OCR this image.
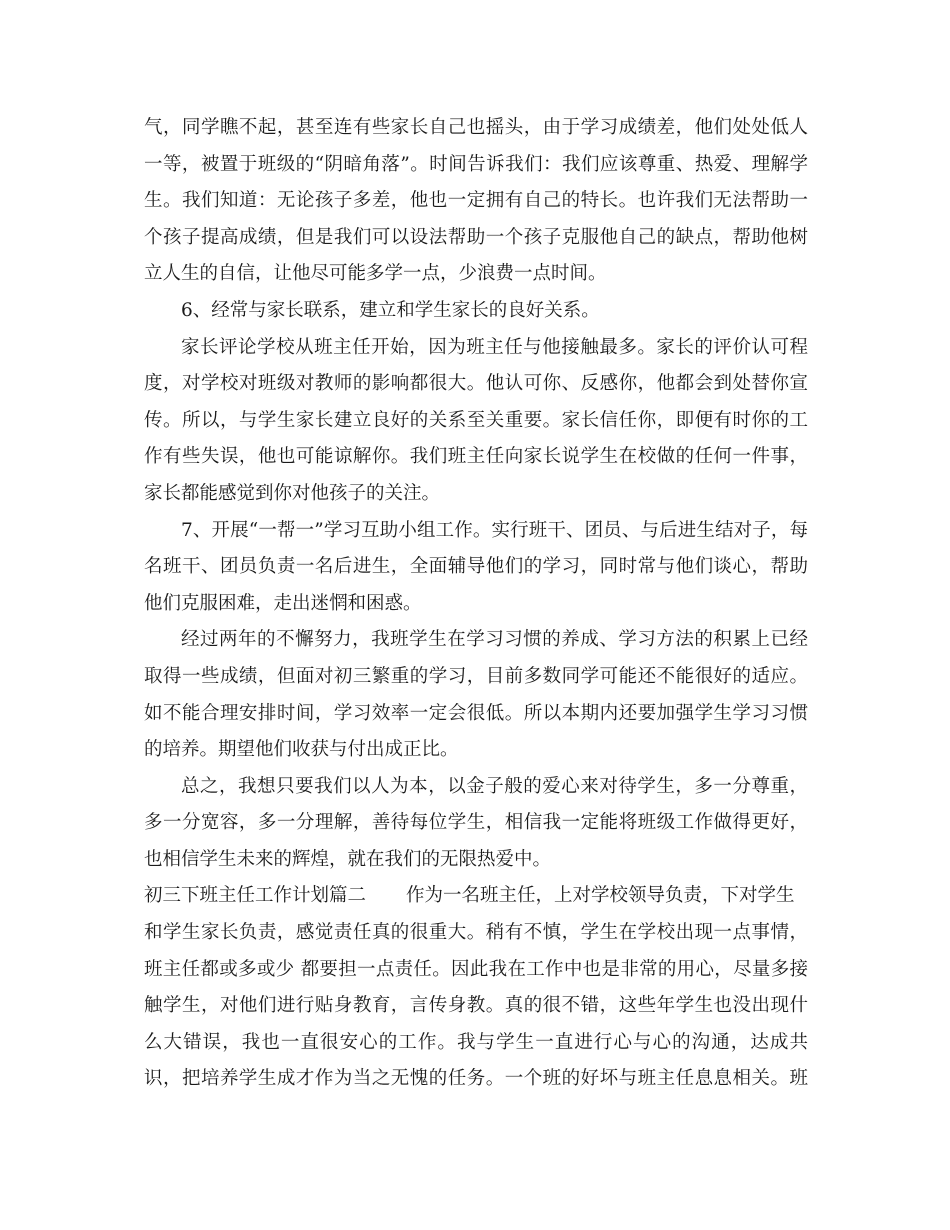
气，同学瞧不起，甚至连有些家长自己也摇头，由于学习成绩差，他们处处低人
一等，被置于班级的“阴暗角落”。时间告诉我们：我们应该尊重、热爱、理解学
生。我们知道：无论孩子多差，他也一定拥有自己的特长。也许我们无法帮助一
个孩子提高成绩，但是我们可以设法帮助一个孩子克服他自己的缺点，帮助他树
立人生的自信，让他尽可能多学一点，少浪费一点时间。
6、经常与家长联系，建立和学生家长的良好关系。
家长评论学校从班主任开始，因为班主任与他接触最多。家长的评价认可程
度，对学校对班级对教师的影响都很大。他认可你、反感你，他都会到处替你宣
传。所以，与学生家长建立良好的关系至关重要。家长信任你，即便有时你的工
作有些失误，他也可能谅解你。我们班主任向家长说学生在校做的任何一件事，
家长都能感觉到你对他孩子的关注。
7、开展“一帮一”学习互助小组工作。实行班干、团员、与后进生结对子，每
名班干、团员负责一名后进生，全面辅导他们的学习，同时常与他们谈心，帮助
他们克服困难，走出迷惘和困惑。
经过两年的不懈努力，我班学生在学习习惯的养成、学习方法的积累上已经
取得一些成绩，但面对初三繁重的学习，目前多数同学可能还不能很好的适应。
如不能合理安排时间，学习效率一定会很低。所以本期内还要加强学生学习习惯
的培养。期望他们收获与付出成正比。
总之，我想只要我们以人为本，以金子般的爱心来对待学生，多一分尊重，
多一分宽容，多一分理解，善待每位学生，相信我一定能将班级工作做得更好，
也相信学生未来的辉煌，就在我们的无限热爱中。
初三下班主任工作计划篇二 作为一名班主任，上对学校领导负责，下对学生
和学生家长负责，感觉责任真的很重大。稍有不慎，学生在学校出现一点事情，
班主任都或多或少 都要担一点责任。因此我在工作中也是非常的用心，尽量多接
触学生，对他们进行贴身教育，言传身教。真的很不错，这些年学生也没出现什
么大错误，我也一直很安心的工作。我与学生一直进行心与心的沟通，达成共
识，把培养学生成才作为当之无愧的任务。一个班的好坏与班主任息息相关。班
